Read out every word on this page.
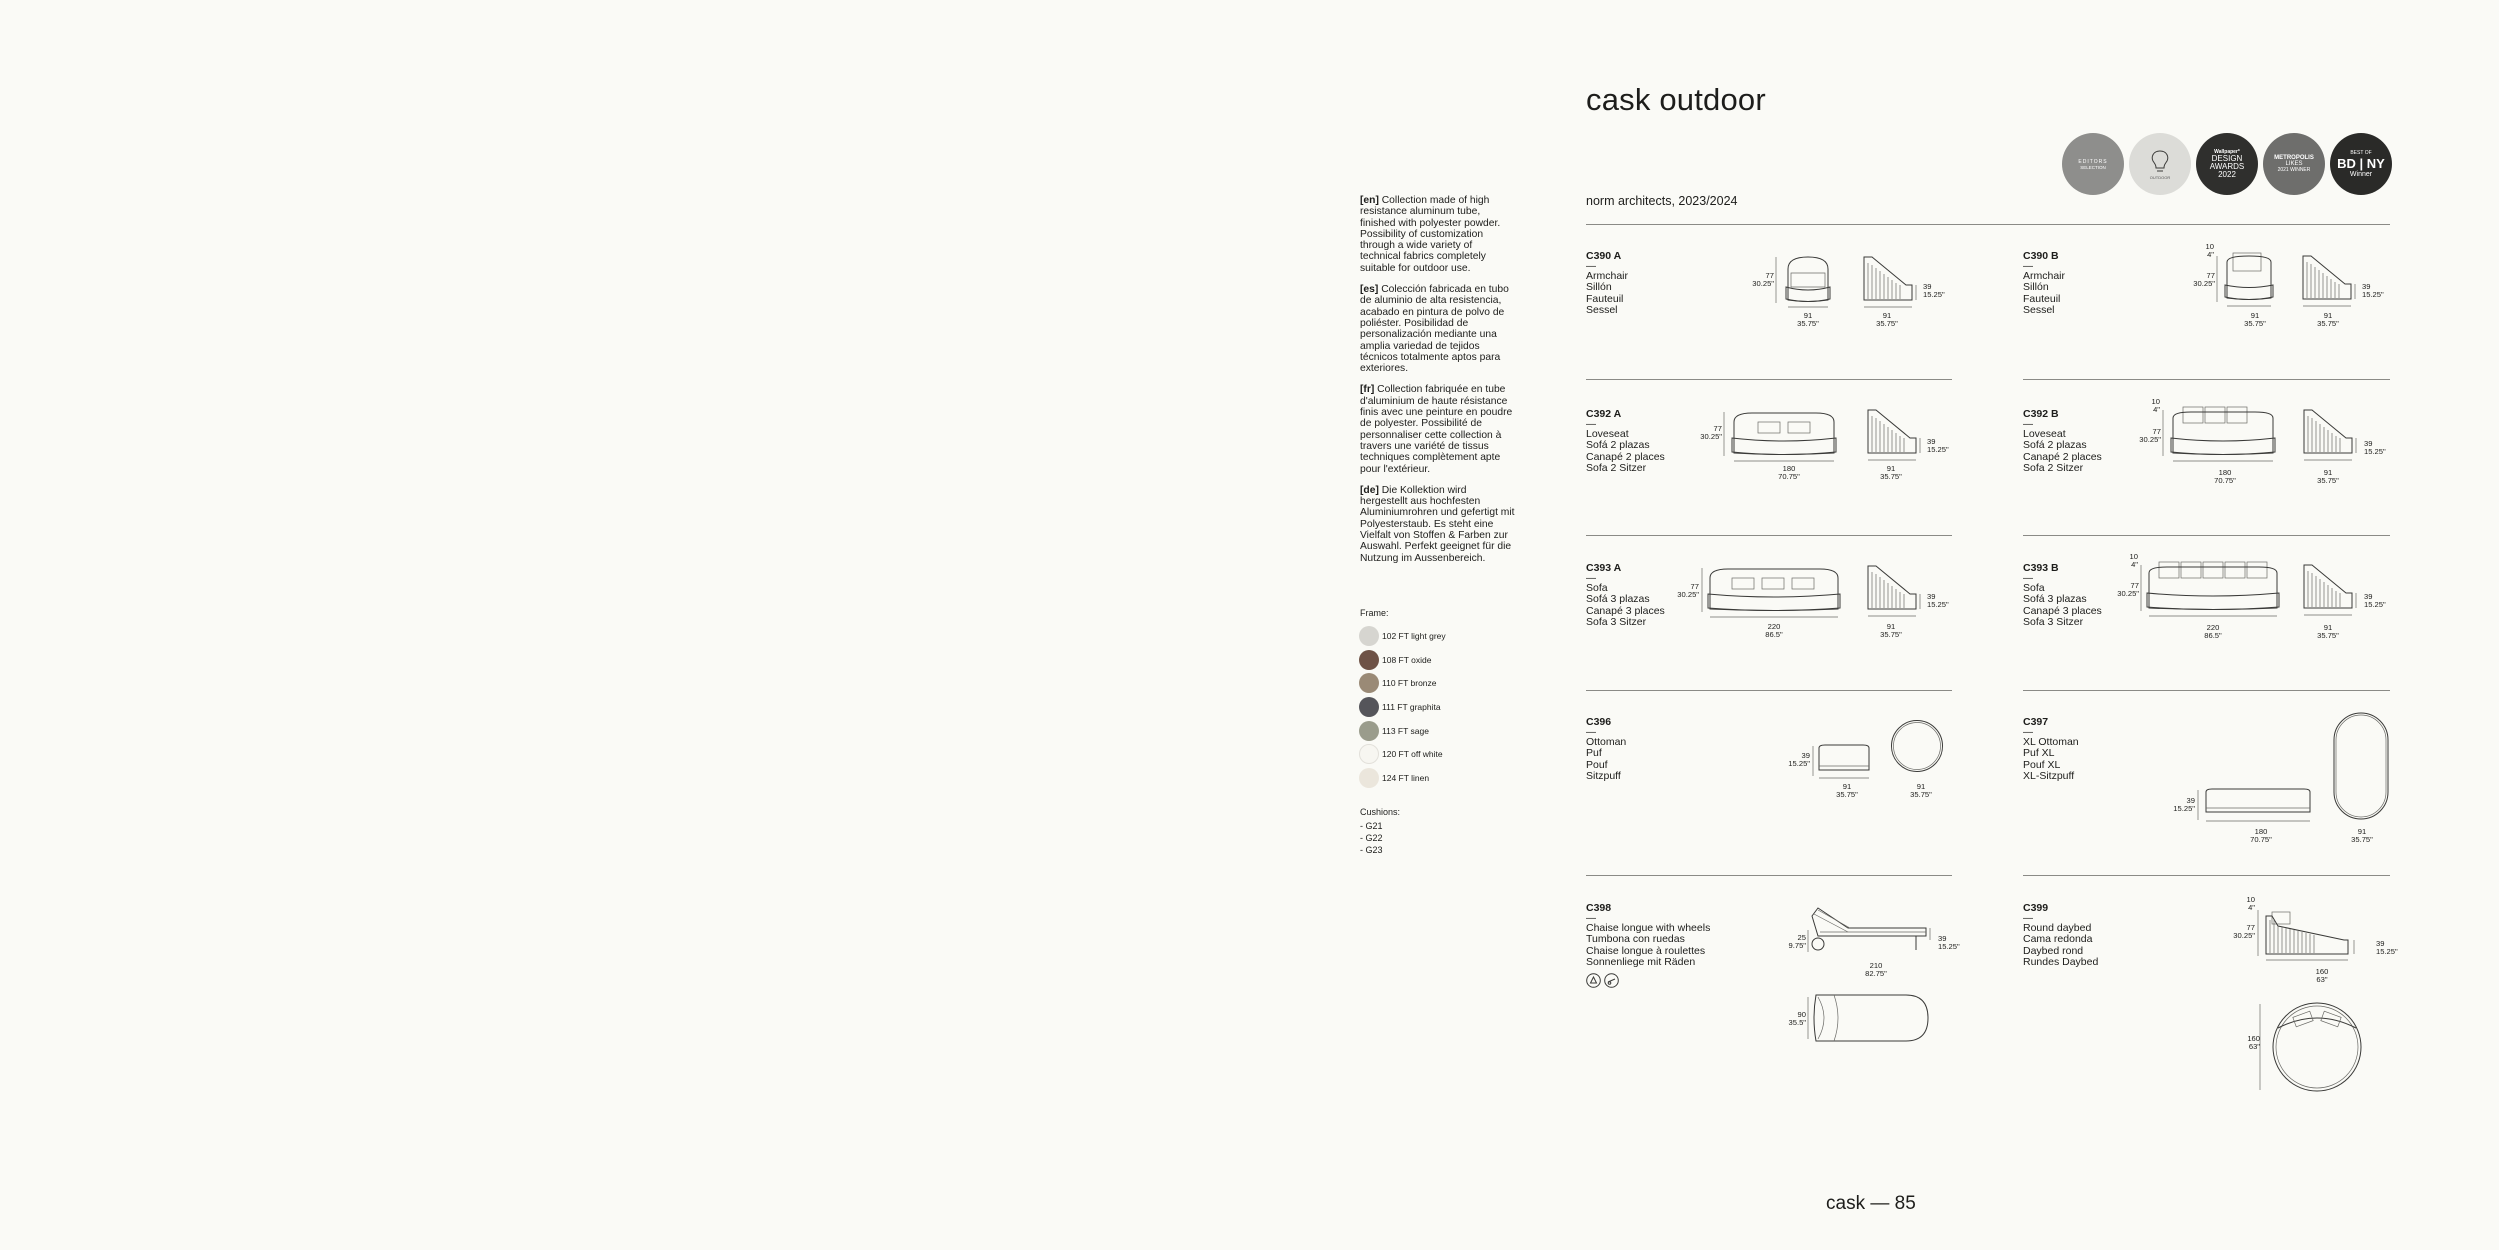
cask outdoor
EDITORS
SELECTION
OUTDOOR
Wallpaper*
DESIGN
AWARDS
2022
METROPOLIS
LIKES
2021 WINNER
BEST OF
BD | NY
Winner
norm architects, 2023/2024

[en] Collection made of high resistance aluminum tube, finished with polyester powder. Possibility of customization through a wide variety of technical fabrics completely suitable for outdoor use.

[es] Colección fabricada en tubo de aluminio de alta resistencia, acabado en pintura de polvo de poliéster. Posibilidad de personalización mediante una amplia variedad de tejidos técnicos totalmente aptos para exteriores.

[fr] Collection fabriquée en tube d'aluminium de haute résistance finis avec une peinture en poudre de polyester. Possibilité de personnaliser cette collection à travers une variété de tissus techniques complètement apte pour l'extérieur.

[de] Die Kollektion wird hergestellt aus hochfesten Aluminiumrohren und gefertigt mit Polyesterstaub. Es steht eine Vielfalt von Stoffen & Farben zur Auswahl. Perfekt geeignet für die Nutzung im Aussenbereich.

Frame:
102 FT light grey
108 FT oxide
110 FT bronze
111 FT graphita
113 FT sage
120 FT off white
124 FT linen
Cushions:
- G21
- G22
- G23
C390 A
—
Armchair
Sillón
Fauteuil
Sessel
C390 B
—
Armchair
Sillón
Fauteuil
Sessel
C392 A
—
Loveseat
Sofá 2 plazas
Canapé 2 places
Sofa 2 Sitzer
C392 B
—
Loveseat
Sofá 2 plazas
Canapé 2 places
Sofa 2 Sitzer
C393 A
—
Sofa
Sofá 3 plazas
Canapé 3 places
Sofa 3 Sitzer
C393 B
—
Sofa
Sofá 3 plazas
Canapé 3 places
Sofa 3 Sitzer
C396
—
Ottoman
Puf
Pouf
Sitzpuff
C397
—
XL Ottoman
Puf XL
Pouf XL
XL-Sitzpuff
C398
—
Chaise longue with wheels
Tumbona con ruedas
Chaise longue à roulettes
Sonnenliege mit Räden
C399
—
Round daybed
Cama redonda
Daybed rond
Rundes Daybed
77
30.25"	39
15.25"
91
35.75"
91
35.75"
10
4"
77
30.25"	39
15.25"
91
35.75"
91
35.75"
77
30.25"
39
15.25"
180
70.75"
91
35.75"
10
4"
77
30.25"	39
15.25"
180
70.75"
91
35.75"
77
30.25"	39
15.25"
220
86.5"
91
35.75"
10
4"
77
30.25"	39
15.25"
220
86.5"
91
35.75"
39
15.25"
91
35.75"
91
35.75"
39
15.25"
180
70.75"
91
35.75"
25
9.75"
39
15.25"
210
82.75"
90
35.5"
10
4"
77
30.25"
39
15.25"
160
63"
160
63"
cask — 85
